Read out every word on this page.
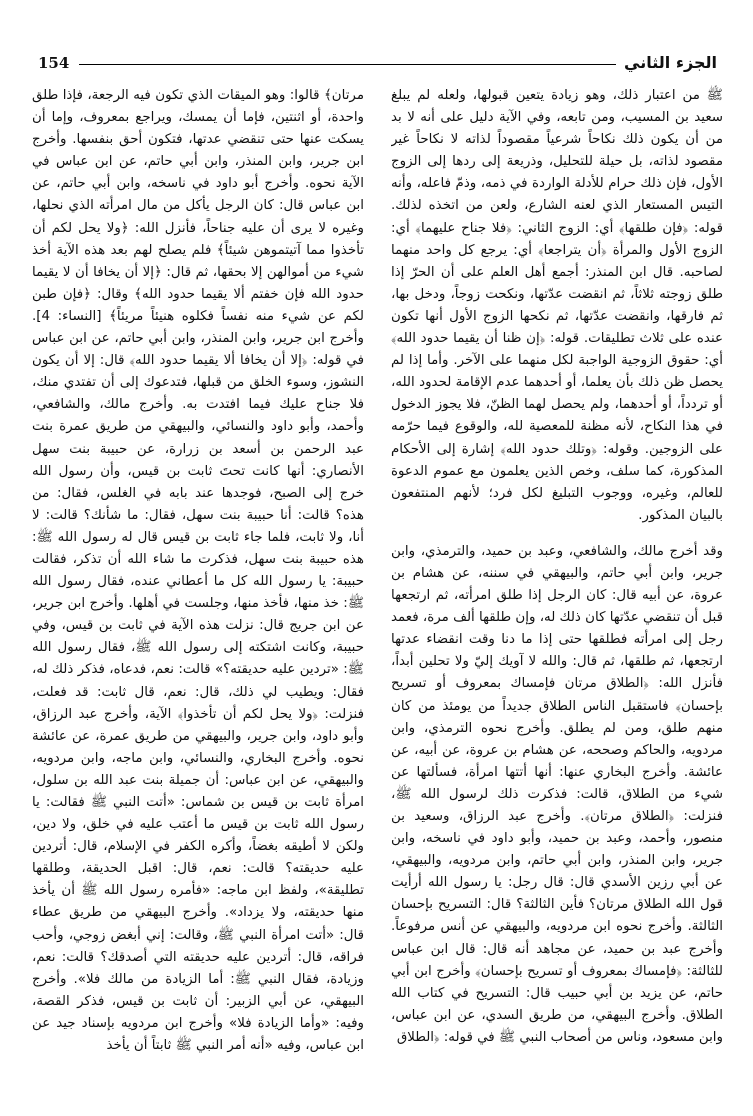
154	الجزء الثاني

ﷺ من اعتبار ذلك، وهو زيادة يتعين قبولها، ولعله لم يبلغ سعيد بن المسيب، ومن تابعه، وفي الآية دليل على أنه لا بد من أن يكون ذلك نكاحاً شرعياً مقصوداً لذاته لا نكاحاً غير مقصود لذاته، بل حيلة للتحليل، وذريعة إلى ردها إلى الزوج الأول، فإن ذلك حرام للأدلة الواردة في ذمه، وذمّ فاعله، وأنه التيس المستعار الذي لعنه الشارع، ولعن من اتخذه لذلك. قوله: ﴿فإن طلقها﴾ أي: الزوج الثاني: ﴿فلا جناح عليهما﴾ أي: الزوج الأول والمرأة ﴿أن يتراجعا﴾ أي: يرجع كل واحد منهما لصاحبه. قال ابن المنذر: أجمع أهل العلم على أن الحرّ إذا طلق زوجته ثلاثاً، ثم انقضت عدّتها، ونكحت زوجاً، ودخل بها، ثم فارقها، وانقضت عدّتها، ثم نكحها الزوج الأول أنها تكون عنده على ثلاث تطليقات. قوله: ﴿إن ظنا أن يقيما حدود الله﴾ أي: حقوق الزوجية الواجبة لكل منهما على الآخر. وأما إذا لم يحصل ظن ذلك بأن يعلما، أو أحدهما عدم الإقامة لحدود الله، أو تردداً، أو أحدهما، ولم يحصل لهما الظنّ، فلا يجوز الدخول في هذا النكاح، لأنه مظنة للمعصية لله، والوقوع فيما حرّمه على الزوجين. وقوله: ﴿وتلك حدود الله﴾ إشارة إلى الأحكام المذكورة، كما سلف، وخص الذين يعلمون مع عموم الدعوة للعالم، وغيره، ووجوب التبليغ لكل فرد؛ لأنهم المنتفعون بالبيان المذكور.

وقد أخرج مالك، والشافعي، وعبد بن حميد، والترمذي، وابن جرير، وابن أبي حاتم، والبيهقي في سننه، عن هشام بن عروة، عن أبيه قال: كان الرجل إذا طلق امرأته، ثم ارتجعها قبل أن تنقضي عدّتها كان ذلك له، وإن طلقها ألف مرة، فعمد رجل إلى امرأته فطلقها حتى إذا ما دنا وقت انقضاء عدتها ارتجعها، ثم طلقها، ثم قال: والله لا آويك إليّ ولا تحلين أبداً، فأنزل الله: ﴿الطلاق مرتان فإمساك بمعروف أو تسريح بإحسان﴾ فاستقبل الناس الطلاق جديداً من يومئذ من كان منهم طلق، ومن لم يطلق. وأخرج نحوه الترمذي، وابن مردويه، والحاكم وصححه، عن هشام بن عروة، عن أبيه، عن عائشة. وأخرج البخاري عنها: أنها أتتها امرأة، فسألتها عن شيء من الطلاق، قالت: فذكرت ذلك لرسول الله ﷺ، فنزلت: ﴿الطلاق مرتان﴾. وأخرج عبد الرزاق، وسعيد بن منصور، وأحمد، وعبد بن حميد، وأبو داود في ناسخه، وابن جرير، وابن المنذر، وابن أبي حاتم، وابن مردويه، والبيهقي، عن أبي رزين الأسدي قال: قال رجل: يا رسول الله أرأيت قول الله الطلاق مرتان؟ فأين الثالثة؟ قال: التسريح بإحسان الثالثة. وأخرج نحوه ابن مردويه، والبيهقي عن أنس مرفوعاً. وأخرج عبد بن حميد، عن مجاهد أنه قال: قال ابن عباس للثالثة: ﴿فإمساك بمعروف أو تسريح بإحسان﴾ وأخرج ابن أبي حاتم، عن يزيد بن أبي حبيب قال: التسريح في كتاب الله الطلاق. وأخرج البيهقي، من طريق السدي، عن ابن عباس، وابن مسعود، وناس من أصحاب النبي ﷺ في قوله: ﴿الطلاق

مرتان﴾ قالوا: وهو الميقات الذي تكون فيه الرجعة، فإذا طلق واحدة، أو اثنتين، فإما أن يمسك، ويراجع بمعروف، وإما أن يسكت عنها حتى تنقضي عدتها، فتكون أحق بنفسها. وأخرج ابن جرير، وابن المنذر، وابن أبي حاتم، عن ابن عباس في الآية نحوه. وأخرج أبو داود في ناسخه، وابن أبي حاتم، عن ابن عباس قال: كان الرجل يأكل من مال امرأته الذي نحلها، وغيره لا يرى أن عليه جناحاً، فأنزل الله: ﴿ولا يحل لكم أن تأخذوا مما آتيتموهن شيئاً﴾ فلم يصلح لهم بعد هذه الآية أخذ شيء من أموالهن إلا بحقها، ثم قال: ﴿إلا أن يخافا أن لا يقيما حدود الله فإن خفتم ألا يقيما حدود الله﴾ وقال: ﴿فإن طبن لكم عن شيء منه نفساً فكلوه هنيئاً مريئاً﴾ [النساء: 4]. وأخرج ابن جرير، وابن المنذر، وابن أبي حاتم، عن ابن عباس في قوله: ﴿إلا أن يخافا ألا يقيما حدود الله﴾ قال: إلا أن يكون النشوز، وسوء الخلق من قبلها، فتدعوك إلى أن تفتدي منك، فلا جناح عليك فيما افتدت به. وأخرج مالك، والشافعي، وأحمد، وأبو داود والنسائي، والبيهقي من طريق عمرة بنت عبد الرحمن بن أسعد بن زرارة، عن حبيبة بنت سهل الأنصاري: أنها كانت تحتَ ثابت بن قيس، وأن رسول الله خرج إلى الصبح، فوجدها عند بابه في الغلس، فقال: من هذه؟ قالت: أنا حبيبة بنت سهل، فقال: ما شأنك؟ قالت: لا أنا، ولا ثابت، فلما جاء ثابت بن قيس قال له رسول الله ﷺ: هذه حبيبة بنت سهل، فذكرت ما شاء الله أن تذكر، فقالت حبيبة: يا رسول الله كل ما أعطاني عنده، فقال رسول الله ﷺ: خذ منها، فأخذ منها، وجلست في أهلها. وأخرج ابن جرير، عن ابن جريج قال: نزلت هذه الآية في ثابت بن قيس، وفي حبيبة، وكانت اشتكته إلى رسول الله ﷺ، فقال رسول الله ﷺ: «تردين عليه حديقته؟» قالت: نعم، فدعاه، فذكر ذلك له، فقال: ويطيب لي ذلك، قال: نعم، قال ثابت: قد فعلت، فنزلت: ﴿ولا يحل لكم أن تأخذوا﴾ الآية، وأخرج عبد الرزاق، وأبو داود، وابن جرير، والبيهقي من طريق عمرة، عن عائشة نحوه. وأخرج البخاري، والنسائي، وابن ماجه، وابن مردويه، والبيهقي، عن ابن عباس: أن جميلة بنت عبد الله بن سلول، امرأة ثابت بن قيس بن شماس: «أتت النبي ﷺ فقالت: يا رسول الله ثابت بن قيس ما أعتب عليه في خلق، ولا دين، ولكن لا أطيقه بغضاً، وأكره الكفر في الإسلام، قال: أتردين عليه حديقته؟ قالت: نعم، قال: اقبل الحديقة، وطلقها تطليقة»، ولفظ ابن ماجه: «فأمره رسول الله ﷺ أن يأخذ منها حديقته، ولا يزداد». وأخرج البيهقي من طريق عطاء قال: «أتت امرأة النبي ﷺ، وقالت: إني أبغض زوجي، وأحب فراقه، قال: أتردين عليه حديقته التي أصدقك؟ قالت: نعم، وزيادة، فقال النبي ﷺ: أما الزيادة من مالك فلا». وأخرج البيهقي، عن أبي الزبير: أن ثابت بن قيس، فذكر القصة، وفيه: «وأما الزيادة فلا» وأخرج ابن مردويه بإسناد جيد عن ابن عباس، وفيه «أنه أمر النبي ﷺ ثابتاً أن يأخذ
